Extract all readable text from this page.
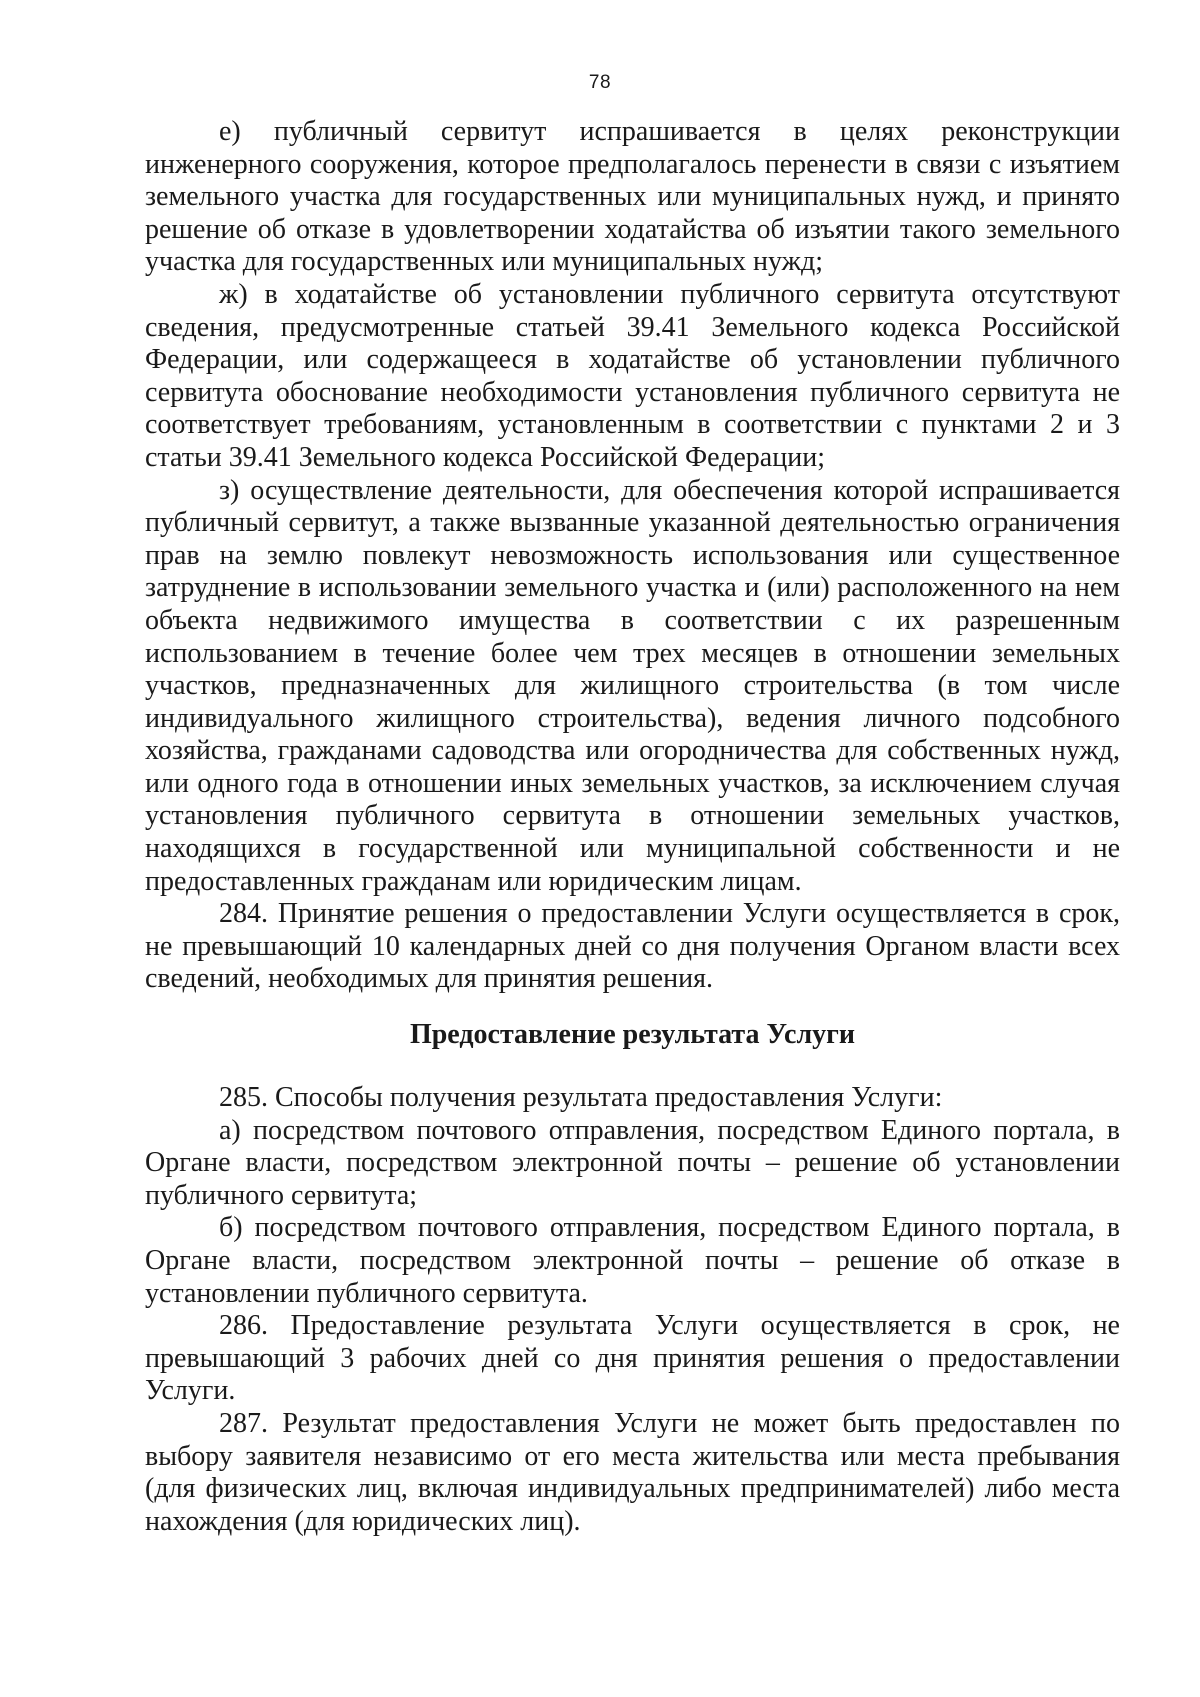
78

е) публичный сервитут испрашивается в целях реконструкции инженерного сооружения, которое предполагалось перенести в связи с изъятием земельного участка для государственных или муниципальных нужд, и принято решение об отказе в удовлетворении ходатайства об изъятии такого земельного участка для государственных или муниципальных нужд;

ж) в ходатайстве об установлении публичного сервитута отсутствуют сведения, предусмотренные статьей 39.41 Земельного кодекса Российской Федерации, или содержащееся в ходатайстве об установлении публичного сервитута обоснование необходимости установления публичного сервитута не соответствует требованиям, установленным в соответствии с пунктами 2 и 3 статьи 39.41 Земельного кодекса Российской Федерации;

з) осуществление деятельности, для обеспечения которой испрашивается публичный сервитут, а также вызванные указанной деятельностью ограничения прав на землю повлекут невозможность использования или существенное затруднение в использовании земельного участка и (или) расположенного на нем объекта недвижимого имущества в соответствии с их разрешенным использованием в течение более чем трех месяцев в отношении земельных участков, предназначенных для жилищного строительства (в том числе индивидуального жилищного строительства), ведения личного подсобного хозяйства, гражданами садоводства или огородничества для собственных нужд, или одного года в отношении иных земельных участков, за исключением случая установления публичного сервитута в отношении земельных участков, находящихся в государственной или муниципальной собственности и не предоставленных гражданам или юридическим лицам.

284. Принятие решения о предоставлении Услуги осуществляется в срок, не превышающий 10 календарных дней со дня получения Органом власти всех сведений, необходимых для принятия решения.

Предоставление результата Услуги

285. Способы получения результата предоставления Услуги:

а) посредством почтового отправления, посредством Единого портала, в Органе власти, посредством электронной почты – решение об установлении публичного сервитута;

б) посредством почтового отправления, посредством Единого портала, в Органе власти, посредством электронной почты – решение об отказе в установлении публичного сервитута.

286. Предоставление результата Услуги осуществляется в срок, не превышающий 3 рабочих дней со дня принятия решения о предоставлении Услуги.

287. Результат предоставления Услуги не может быть предоставлен по выбору заявителя независимо от его места жительства или места пребывания (для физических лиц, включая индивидуальных предпринимателей) либо места нахождения (для юридических лиц).
